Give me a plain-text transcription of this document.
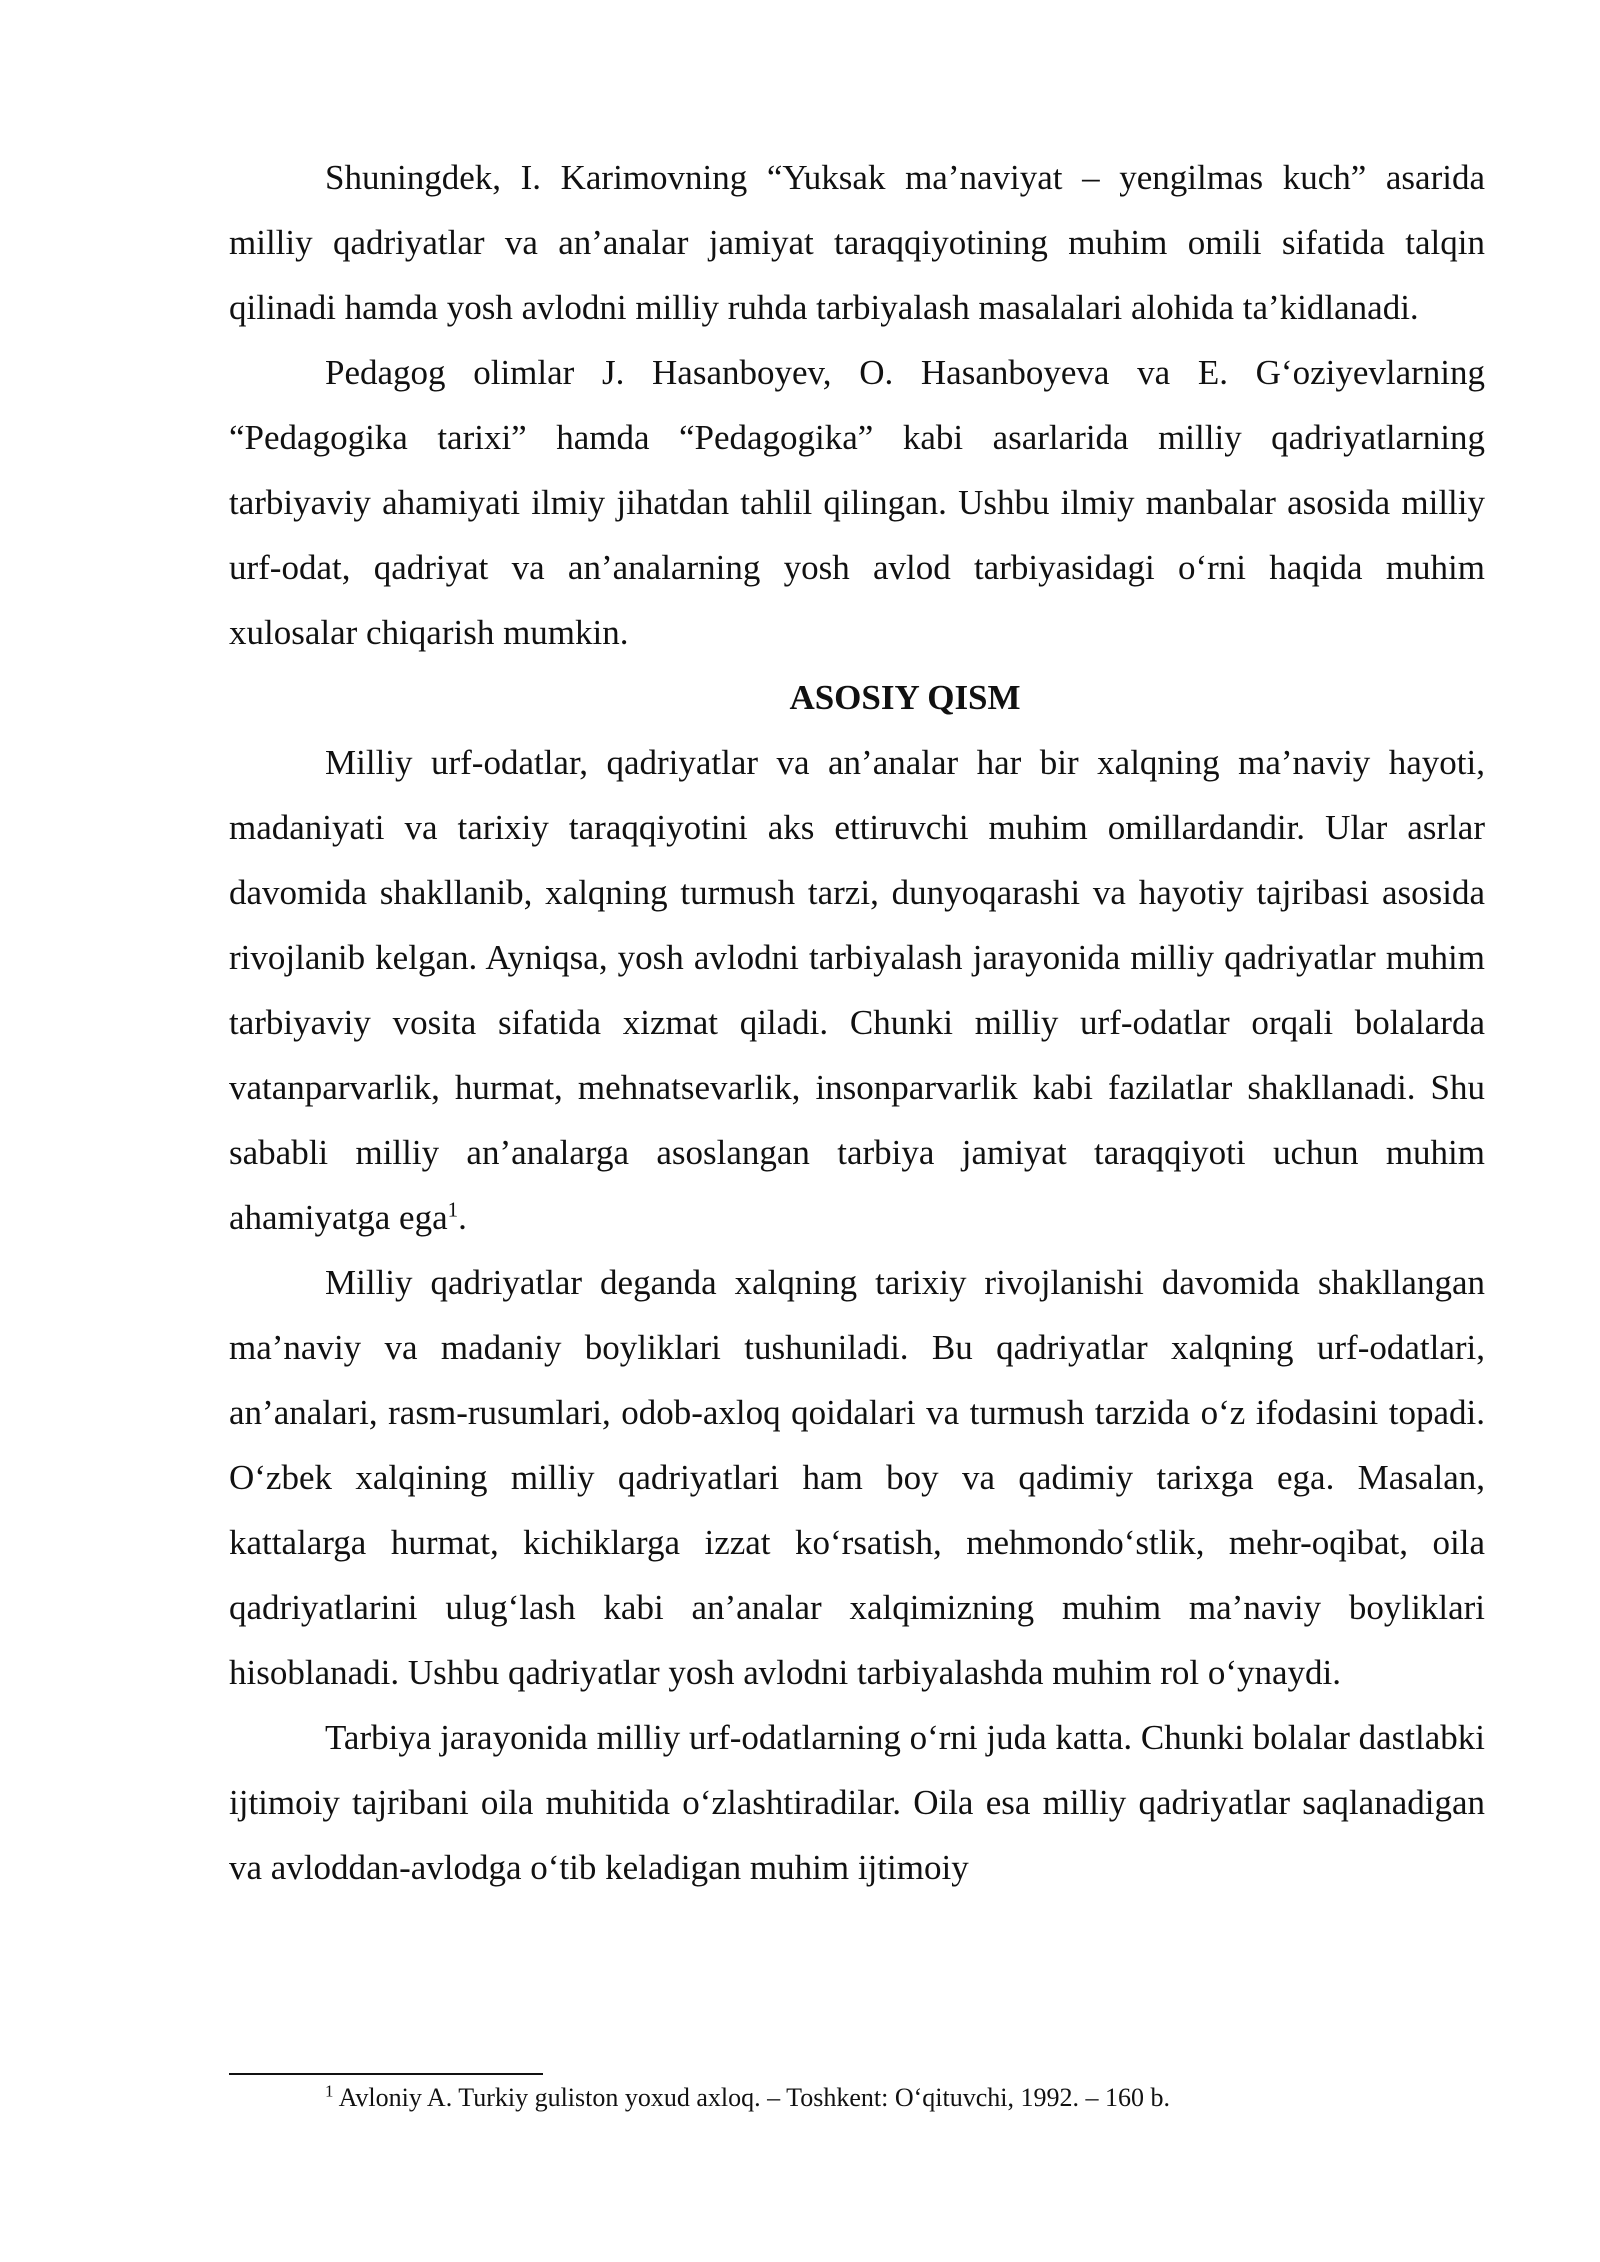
Shuningdek, I. Karimovning “Yuksak ma’naviyat – yengilmas kuch” asarida milliy qadriyatlar va an’analar jamiyat taraqqiyotining muhim omili sifatida talqin qilinadi hamda yosh avlodni milliy ruhda tarbiyalash masalalari alohida ta’kidlanadi.

Pedagog olimlar J. Hasanboyev, O. Hasanboyeva va E. G‘oziyevlarning “Pedagogika tarixi” hamda “Pedagogika” kabi asarlarida milliy qadriyatlarning tarbiyaviy ahamiyati ilmiy jihatdan tahlil qilingan. Ushbu ilmiy manbalar asosida milliy urf-odat, qadriyat va an’analarning yosh avlod tarbiyasidagi o‘rni haqida muhim xulosalar chiqarish mumkin.

ASOSIY QISM

Milliy urf-odatlar, qadriyatlar va an’analar har bir xalqning ma’naviy hayoti, madaniyati va tarixiy taraqqiyotini aks ettiruvchi muhim omillardandir. Ular asrlar davomida shakllanib, xalqning turmush tarzi, dunyoqarashi va hayotiy tajribasi asosida rivojlanib kelgan. Ayniqsa, yosh avlodni tarbiyalash jarayonida milliy qadriyatlar muhim tarbiyaviy vosita sifatida xizmat qiladi. Chunki milliy urf-odatlar orqali bolalarda vatanparvarlik, hurmat, mehnatsevarlik, insonparvarlik kabi fazilatlar shakllanadi. Shu sababli milliy an’analarga asoslangan tarbiya jamiyat taraqqiyoti uchun muhim ahamiyatga ega$^1$.

Milliy qadriyatlar deganda xalqning tarixiy rivojlanishi davomida shakllangan ma’naviy va madaniy boyliklari tushuniladi. Bu qadriyatlar xalqning urf-odatlari, an’analari, rasm-rusumlari, odob-axloq qoidalari va turmush tarzida o‘z ifodasini topadi. O‘zbek xalqining milliy qadriyatlari ham boy va qadimiy tarixga ega. Masalan, kattalarga hurmat, kichiklarga izzat ko‘rsatish, mehmondo‘stlik, mehr-oqibat, oila qadriyatlarini ulug‘lash kabi an’analar xalqimizning muhim ma’naviy boyliklari hisoblanadi. Ushbu qadriyatlar yosh avlodni tarbiyalashda muhim rol o‘ynaydi.

Tarbiya jarayonida milliy urf-odatlarning o‘rni juda katta. Chunki bolalar dastlabki ijtimoiy tajribani oila muhitida o‘zlashtiradilar. Oila esa milliy qadriyatlar saqlanadigan va avloddan-avlodga o‘tib keladigan muhim ijtimoiy

$^1$ Avloniy A. Turkiy guliston yoxud axloq. – Toshkent: O‘qituvchi, 1992. – 160 b.
